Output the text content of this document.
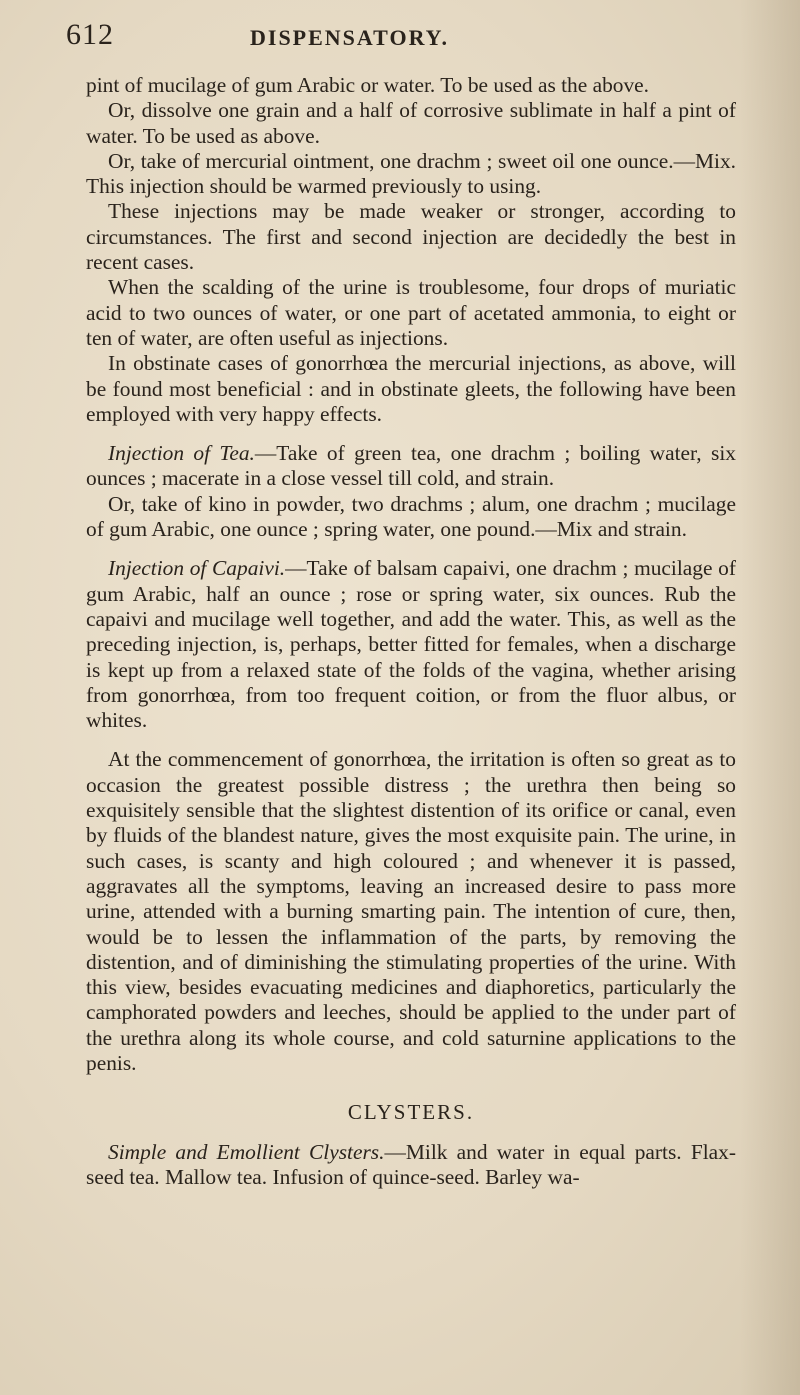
612	DISPENSATORY.

pint of mucilage of gum Arabic or water. To be used as the above.

Or, dissolve one grain and a half of corrosive sublimate in half a pint of water. To be used as above.

Or, take of mercurial ointment, one drachm ; sweet oil one ounce.—Mix. This injection should be warmed previously to using.

These injections may be made weaker or stronger, according to circumstances. The first and second injection are decidedly the best in recent cases.

When the scalding of the urine is troublesome, four drops of muriatic acid to two ounces of water, or one part of acetated ammonia, to eight or ten of water, are often useful as injections.

In obstinate cases of gonorrhœa the mercurial injections, as above, will be found most beneficial : and in obstinate gleets, the following have been employed with very happy effects.

Injection of Tea.—Take of green tea, one drachm ; boiling water, six ounces ; macerate in a close vessel till cold, and strain.

Or, take of kino in powder, two drachms ; alum, one drachm ; mucilage of gum Arabic, one ounce ; spring water, one pound.—Mix and strain.

Injection of Capaivi.—Take of balsam capaivi, one drachm ; mucilage of gum Arabic, half an ounce ; rose or spring water, six ounces. Rub the capaivi and mucilage well together, and add the water. This, as well as the preceding injection, is, perhaps, better fitted for females, when a discharge is kept up from a relaxed state of the folds of the vagina, whether arising from gonorrhœa, from too frequent coition, or from the fluor albus, or whites.

At the commencement of gonorrhœa, the irritation is often so great as to occasion the greatest possible distress ; the urethra then being so exquisitely sensible that the slightest distention of its orifice or canal, even by fluids of the blandest nature, gives the most exquisite pain. The urine, in such cases, is scanty and high coloured ; and whenever it is passed, aggravates all the symptoms, leaving an increased desire to pass more urine, attended with a burning smarting pain. The intention of cure, then, would be to lessen the inflammation of the parts, by removing the distention, and of diminishing the stimulating properties of the urine. With this view, besides evacuating medicines and diaphoretics, particularly the camphorated powders and leeches, should be applied to the under part of the urethra along its whole course, and cold saturnine applications to the penis.

CLYSTERS.

Simple and Emollient Clysters.—Milk and water in equal parts. Flax-seed tea. Mallow tea. Infusion of quince-seed. Barley wa-
